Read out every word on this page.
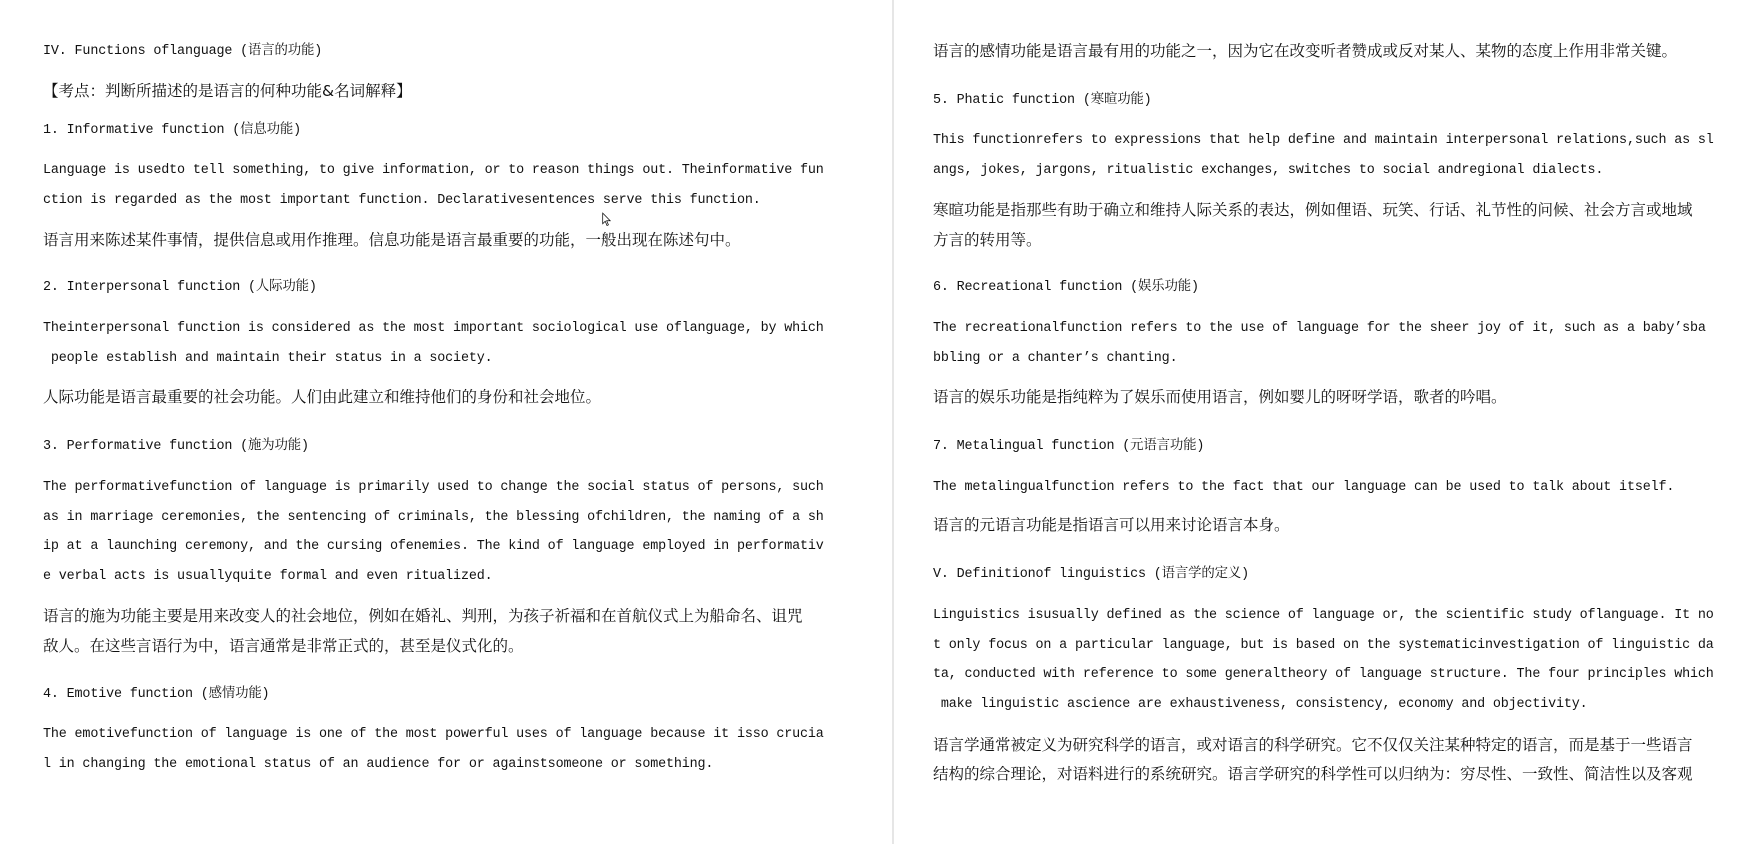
IV. Functions oflanguage (语言的功能)
【考点：判断所描述的是语言的何种功能&名词解释】
1. Informative function (信息功能)
Language is usedto tell something, to give information, or to reason things out. Theinformative fun
ction is regarded as the most important function. Declarativesentences serve this function.
语言用来陈述某件事情，提供信息或用作推理。信息功能是语言最重要的功能，一般出现在陈述句中。
2. Interpersonal function (人际功能)
Theinterpersonal function is considered as the most important sociological use oflanguage, by which
people establish and maintain their status in a society.
人际功能是语言最重要的社会功能。人们由此建立和维持他们的身份和社会地位。
3. Performative function (施为功能)
The performativefunction of language is primarily used to change the social status of persons, such
as in marriage ceremonies, the sentencing of criminals, the blessing ofchildren, the naming of a sh
ip at a launching ceremony, and the cursing ofenemies. The kind of language employed in performativ
e verbal acts is usuallyquite formal and even ritualized.
语言的施为功能主要是用来改变人的社会地位，例如在婚礼、判刑，为孩子祈福和在首航仪式上为船命名、诅咒
敌人。在这些言语行为中，语言通常是非常正式的，甚至是仪式化的。
4. Emotive function (感情功能)
The emotivefunction of language is one of the most powerful uses of language because it isso crucia
l in changing the emotional status of an audience for or againstsomeone or something.
语言的感情功能是语言最有用的功能之一，因为它在改变听者赞成或反对某人、某物的态度上作用非常关键。
5. Phatic function (寒暄功能)
This functionrefers to expressions that help define and maintain interpersonal relations,such as sl
angs, jokes, jargons, ritualistic exchanges, switches to social andregional dialects.
寒暄功能是指那些有助于确立和维持人际关系的表达，例如俚语、玩笑、行话、礼节性的问候、社会方言或地域
方言的转用等。
6. Recreational function (娱乐功能)
The recreationalfunction refers to the use of language for the sheer joy of it, such as a baby’sba
bbling or a chanter’s chanting.
语言的娱乐功能是指纯粹为了娱乐而使用语言，例如婴儿的呀呀学语，歌者的吟唱。
7. Metalingual function (元语言功能)
The metalingualfunction refers to the fact that our language can be used to talk about itself.
语言的元语言功能是指语言可以用来讨论语言本身。
V. Definitionof linguistics (语言学的定义)
Linguistics isusually defined as the science of language or, the scientific study oflanguage. It no
t only focus on a particular language, but is based on the systematicinvestigation of linguistic da
ta, conducted with reference to some generaltheory of language structure. The four principles which
make linguistic ascience are exhaustiveness, consistency, economy and objectivity.
语言学通常被定义为研究科学的语言，或对语言的科学研究。它不仅仅关注某种特定的语言，而是基于一些语言
结构的综合理论，对语料进行的系统研究。语言学研究的科学性可以归纳为：穷尽性、一致性、简洁性以及客观
